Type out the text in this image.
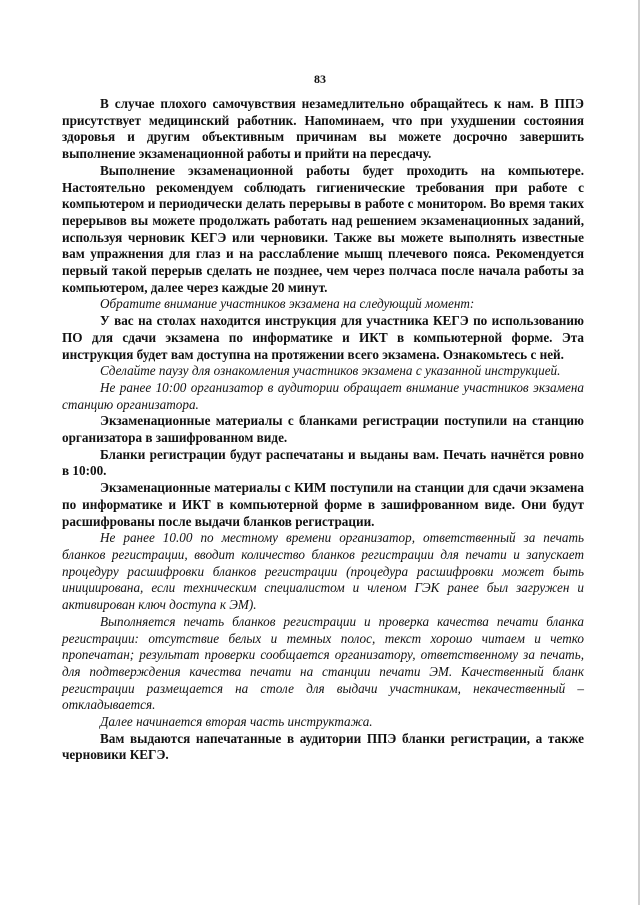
83

В случае плохого самочувствия незамедлительно обращайтесь к нам. В ППЭ присутствует медицинский работник. Напоминаем, что при ухудшении состояния здоровья и другим объективным причинам вы можете досрочно завершить выполнение экзаменационной работы и прийти на пересдачу.

Выполнение экзаменационной работы будет проходить на компьютере. Настоятельно рекомендуем соблюдать гигиенические требования при работе с компьютером и периодически делать перерывы в работе с монитором. Во время таких перерывов вы можете продолжать работать над решением экзаменационных заданий, используя черновик КЕГЭ или черновики. Также вы можете выполнять известные вам упражнения для глаз и на расслабление мышц плечевого пояса. Рекомендуется первый такой перерыв сделать не позднее, чем через полчаса после начала работы за компьютером, далее через каждые 20 минут.

Обратите внимание участников экзамена на следующий момент:

У вас на столах находится инструкция для участника КЕГЭ по использованию ПО для сдачи экзамена по информатике и ИКТ в компьютерной форме. Эта инструкция будет вам доступна на протяжении всего экзамена. Ознакомьтесь с ней.

Сделайте паузу для ознакомления участников экзамена с указанной инструкцией.

Не ранее 10:00 организатор в аудитории обращает внимание участников экзамена станцию организатора.

Экзаменационные материалы с бланками регистрации поступили на станцию организатора в зашифрованном виде.

Бланки регистрации будут распечатаны и выданы вам. Печать начнётся ровно в 10:00.

Экзаменационные материалы с КИМ поступили на станции для сдачи экзамена по информатике и ИКТ в компьютерной форме в зашифрованном виде. Они будут расшифрованы после выдачи бланков регистрации.

Не ранее 10.00 по местному времени организатор, ответственный за печать бланков регистрации, вводит количество бланков регистрации для печати и запускает процедуру расшифровки бланков регистрации (процедура расшифровки может быть инициирована, если техническим специалистом и членом ГЭК ранее был загружен и активирован ключ доступа к ЭМ).

Выполняется печать бланков регистрации и проверка качества печати бланка регистрации: отсутствие белых и темных полос, текст хорошо читаем и четко пропечатан; результат проверки сообщается организатору, ответственному за печать, для подтверждения качества печати на станции печати ЭМ. Качественный бланк регистрации размещается на столе для выдачи участникам, некачественный – откладывается.

Далее начинается вторая часть инструктажа.

Вам выдаются напечатанные в аудитории ППЭ бланки регистрации, а также черновики КЕГЭ.
